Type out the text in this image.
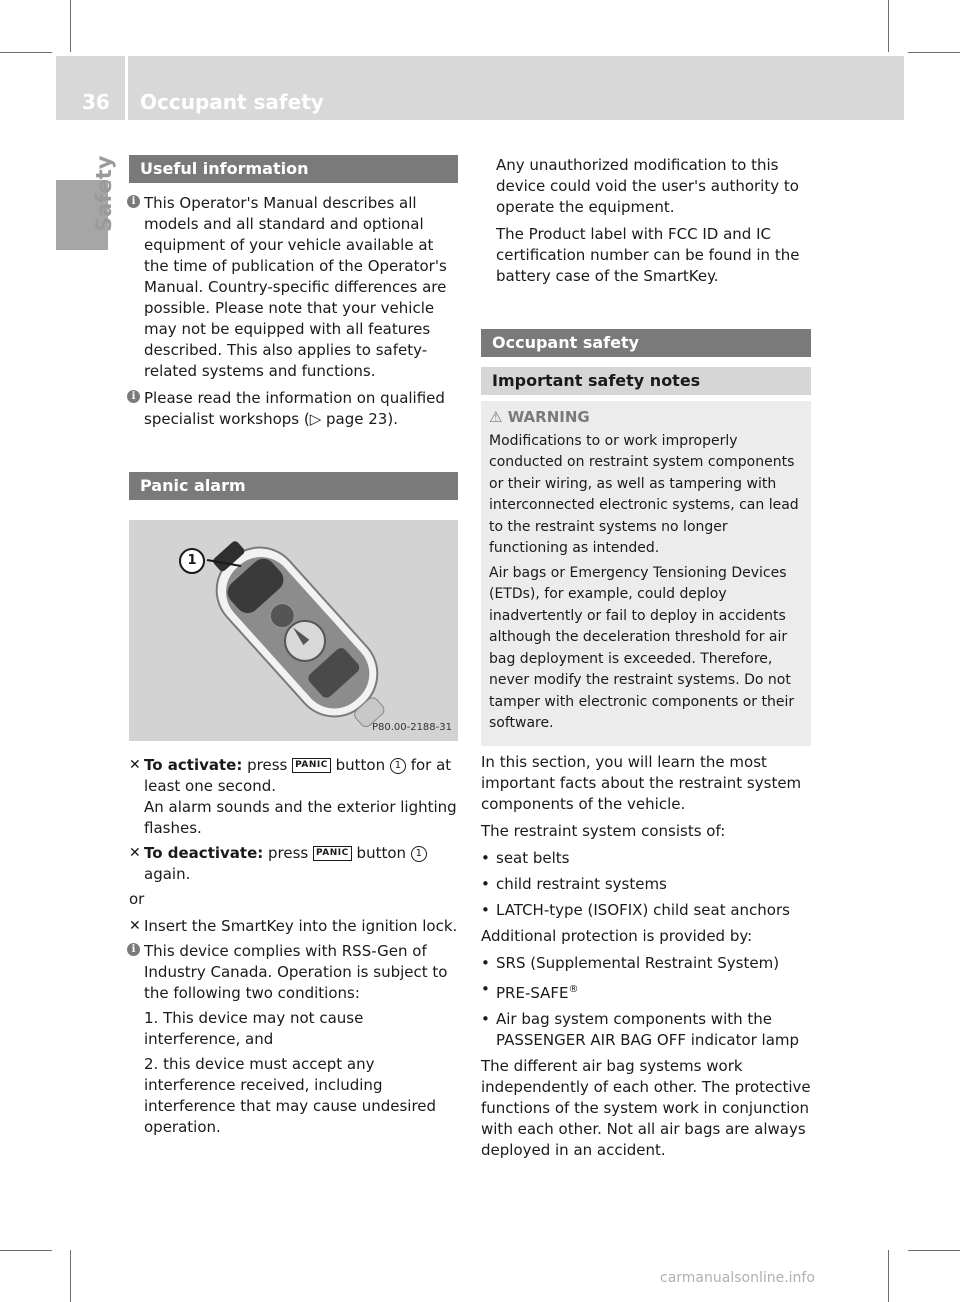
36 Occupant safety
Safety	Useful information
i This Operator's Manual describes all models and all standard and optional equipment of your vehicle available at the time of publication of the Operator's Manual. Country-specific differences are possible. Please note that your vehicle may not be equipped with all features described. This also applies to safety-related systems and functions.
i Please read the information on qualified specialist workshops (▷ page 23).
Panic alarm
1
P80.00-2188-31
✕ To activate: press PANIC button 1 for at least one second.
An alarm sounds and the exterior lighting flashes.
✕ To deactivate: press PANIC button 1
again.

or

✕ Insert the SmartKey into the ignition lock.
i This device complies with RSS-Gen of Industry Canada. Operation is subject to the following two conditions:

1. This device may not cause interference, and

2. this device must accept any interference received, including interference that may cause undesired operation.

Any unauthorized modification to this device could void the user's authority to operate the equipment.

The Product label with FCC ID and IC certification number can be found in the battery case of the SmartKey.

Occupant safety
Important safety notes
⚠ WARNING

Modifications to or work improperly conducted on restraint system components or their wiring, as well as tampering with interconnected electronic systems, can lead to the restraint systems no longer functioning as intended.

Air bags or Emergency Tensioning Devices (ETDs), for example, could deploy inadvertently or fail to deploy in accidents although the deceleration threshold for air bag deployment is exceeded. Therefore, never modify the restraint systems. Do not tamper with electronic components or their software.

In this section, you will learn the most important facts about the restraint system components of the vehicle.

The restraint system consists of:

• seat belts
• child restraint systems
• LATCH-type (ISOFIX) child seat anchors

Additional protection is provided by:

• SRS (Supplemental Restraint System)
• PRE-SAFE®
• Air bag system components with the PASSENGER AIR BAG OFF indicator lamp

The different air bag systems work independently of each other. The protective functions of the system work in conjunction with each other. Not all air bags are always deployed in an accident.

carmanualsonline.info
